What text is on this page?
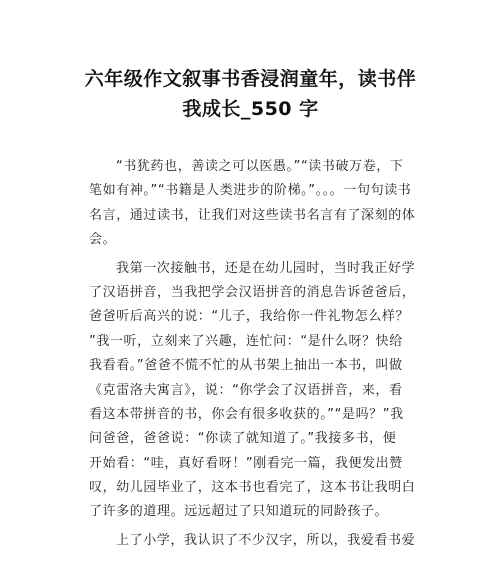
六年级作文叙事书香浸润童年，读书伴
我成长_550 字
“书犹药也，善读之可以医愚。”“读书破万卷，下
笔如有神。”“书籍是人类进步的阶梯。”。。。一句句读书
名言，通过读书，让我们对这些读书名言有了深刻的体
会。
我第一次接触书，还是在幼儿园时，当时我正好学
了汉语拼音，当我把学会汉语拼音的消息告诉爸爸后，
爸爸听后高兴的说：“儿子，我给你一件礼物怎么样？
”我一听，立刻来了兴趣，连忙问：“是什么呀？快给
我看看。”爸爸不慌不忙的从书架上抽出一本书，叫做
《克雷洛夫寓言》，说：“你学会了汉语拼音，来，看
看这本带拼音的书，你会有很多收获的。”“是吗？”我
问爸爸，爸爸说：“你读了就知道了。”我接多书，便
开始看：“哇，真好看呀！”刚看完一篇，我便发出赞
叹，幼儿园毕业了，这本书也看完了，这本书让我明白
了许多的道理。远远超过了只知道玩的同龄孩子。
上了小学，我认识了不少汉字，所以，我爱看书爱
